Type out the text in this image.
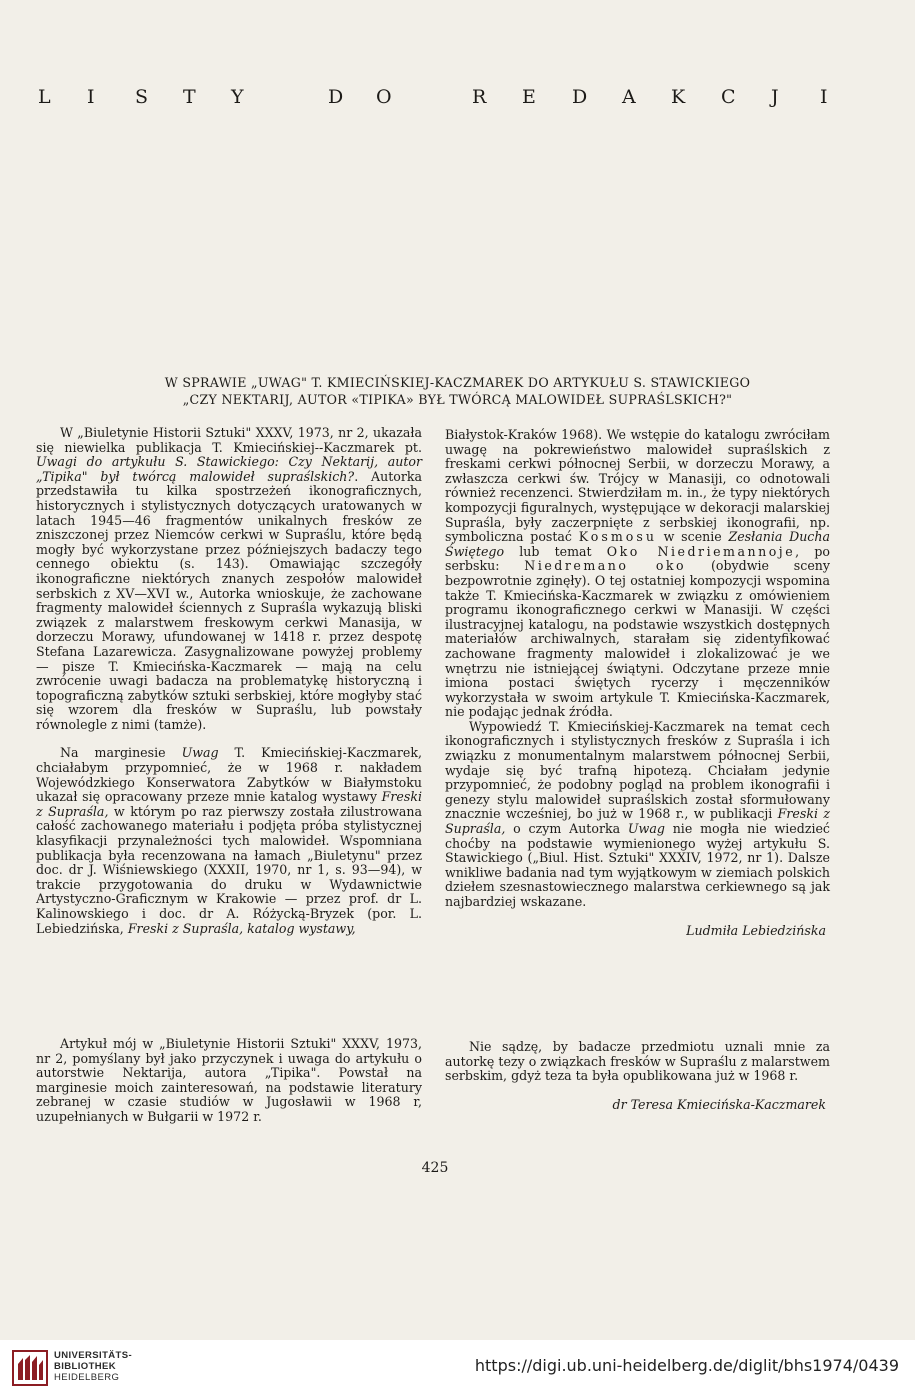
L I S T Y	D O	R E D A K C J I
W SPRAWIE „UWAG" T. KMIECIŃSKIEJ-KACZMAREK DO ARTYKUŁU S. STAWICKIEGO
„CZY NEKTARIJ, AUTOR «TIPIKA» BYŁ TWÓRCĄ MALOWIDEŁ SUPRAŚLSKICH?"

W „Biuletynie Historii Sztuki" XXXV, 1973, nr 2, ukazała się niewielka publikacja T. Kmiecińskiej--Kaczmarek pt. Uwagi do artykułu S. Stawickiego: Czy Nektarij, autor „Tipika" był twórcą malowideł supraślskich?. Autorka przedstawiła tu kilka spostrzeżeń ikonograficznych, historycznych i stylistycznych dotyczących uratowanych w latach 1945—46 fragmentów unikalnych fresków ze zniszczonej przez Niemców cerkwi w Supraślu, które będą mogły być wykorzystane przez późniejszych badaczy tego cennego obiektu (s. 143). Omawiając szczegóły ikonograficzne niektórych znanych zespołów malowideł serbskich z XV—XVI w., Autorka wnioskuje, że zachowane fragmenty malowideł ściennych z Supraśla wykazują bliski związek z malarstwem freskowym cerkwi Manasija, w dorzeczu Morawy, ufundowanej w 1418 r. przez despotę Stefana Lazarewicza. Zasygnalizowane powyżej problemy — pisze T. Kmiecińska-Kaczmarek — mają na celu zwrócenie uwagi badacza na problematykę historyczną i topograficzną zabytków sztuki serbskiej, które mogłyby stać się wzorem dla fresków w Supraślu, lub powstały równolegle z nimi (tamże).

Na marginesie Uwag T. Kmiecińskiej-Kaczmarek, chciałabym przypomnieć, że w 1968 r. nakładem Wojewódzkiego Konserwatora Zabytków w Białymstoku ukazał się opracowany przeze mnie katalog wystawy Freski z Supraśla, w którym po raz pierwszy została zilustrowana całość zachowanego materiału i podjęta próba stylistycznej klasyfikacji przynależności tych malowideł. Wspomniana publikacja była recenzowana na łamach „Biuletynu" przez doc. dr J. Wiśniewskiego (XXXII, 1970, nr 1, s. 93—94), w trakcie przygotowania do druku w Wydawnictwie Artystyczno-Graficznym w Krakowie — przez prof. dr L. Kalinowskiego i doc. dr A. Różycką-Bryzek (por. L. Lebiedzińska, Freski z Supraśla, katalog wystawy,

Białystok-Kraków 1968). We wstępie do katalogu zwróciłam uwagę na pokrewieństwo malowideł supraślskich z freskami cerkwi północnej Serbii, w dorzeczu Morawy, a zwłaszcza cerkwi św. Trójcy w Manasiji, co odnotowali również recenzenci. Stwierdziłam m. in., że typy niektórych kompozycji figuralnych, występujące w dekoracji malarskiej Supraśla, były zaczerpnięte z serbskiej ikonografii, np. symboliczna postać Kosmosu w scenie Zesłania Ducha Świętego lub temat Oko Niedriemannoje, po serbsku: Niedremano oko (obydwie sceny bezpowrotnie zginęły). O tej ostatniej kompozycji wspomina także T. Kmiecińska-Kaczmarek w związku z omówieniem programu ikonograficznego cerkwi w Manasiji. W części ilustracyjnej katalogu, na podstawie wszystkich dostępnych materiałów archiwalnych, starałam się zidentyfikować zachowane fragmenty malowideł i zlokalizować je we wnętrzu nie istniejącej świątyni. Odczytane przeze mnie imiona postaci świętych rycerzy i męczenników wykorzystała w swoim artykule T. Kmiecińska-Kaczmarek, nie podając jednak źródła.

Wypowiedź T. Kmiecińskiej-Kaczmarek na temat cech ikonograficznych i stylistycznych fresków z Supraśla i ich związku z monumentalnym malarstwem północnej Serbii, wydaje się być trafną hipotezą. Chciałam jedynie przypomnieć, że podobny pogląd na problem ikonografii i genezy stylu malowideł supraślskich został sformułowany znacznie wcześniej, bo już w 1968 r., w publikacji Freski z Supraśla, o czym Autorka Uwag nie mogła nie wiedzieć choćby na podstawie wymienionego wyżej artykułu S. Stawickiego („Biul. Hist. Sztuki" XXXIV, 1972, nr 1). Dalsze wnikliwe badania nad tym wyjątkowym w ziemiach polskich dziełem szesnastowiecznego malarstwa cerkiewnego są jak najbardziej wskazane.

Ludmiła Lebiedzińska

Artykuł mój w „Biuletynie Historii Sztuki" XXXV, 1973, nr 2, pomyślany był jako przyczynek i uwaga do artykułu o autorstwie Nektarija, autora „Tipika". Powstał na marginesie moich zainteresowań, na podstawie literatury zebranej w czasie studiów w Jugosławii w 1968 r, uzupełnianych w Bułgarii w 1972 r.

Nie sądzę, by badacze przedmiotu uznali mnie za autorkę tezy o związkach fresków w Supraślu z malarstwem serbskim, gdyż teza ta była opublikowana już w 1968 r.

dr Teresa Kmiecińska-Kaczmarek
425
UNIVERSITÄTS-
BIBLIOTHEK
HEIDELBERG
https://digi.ub.uni-heidelberg.de/diglit/bhs1974/0439
